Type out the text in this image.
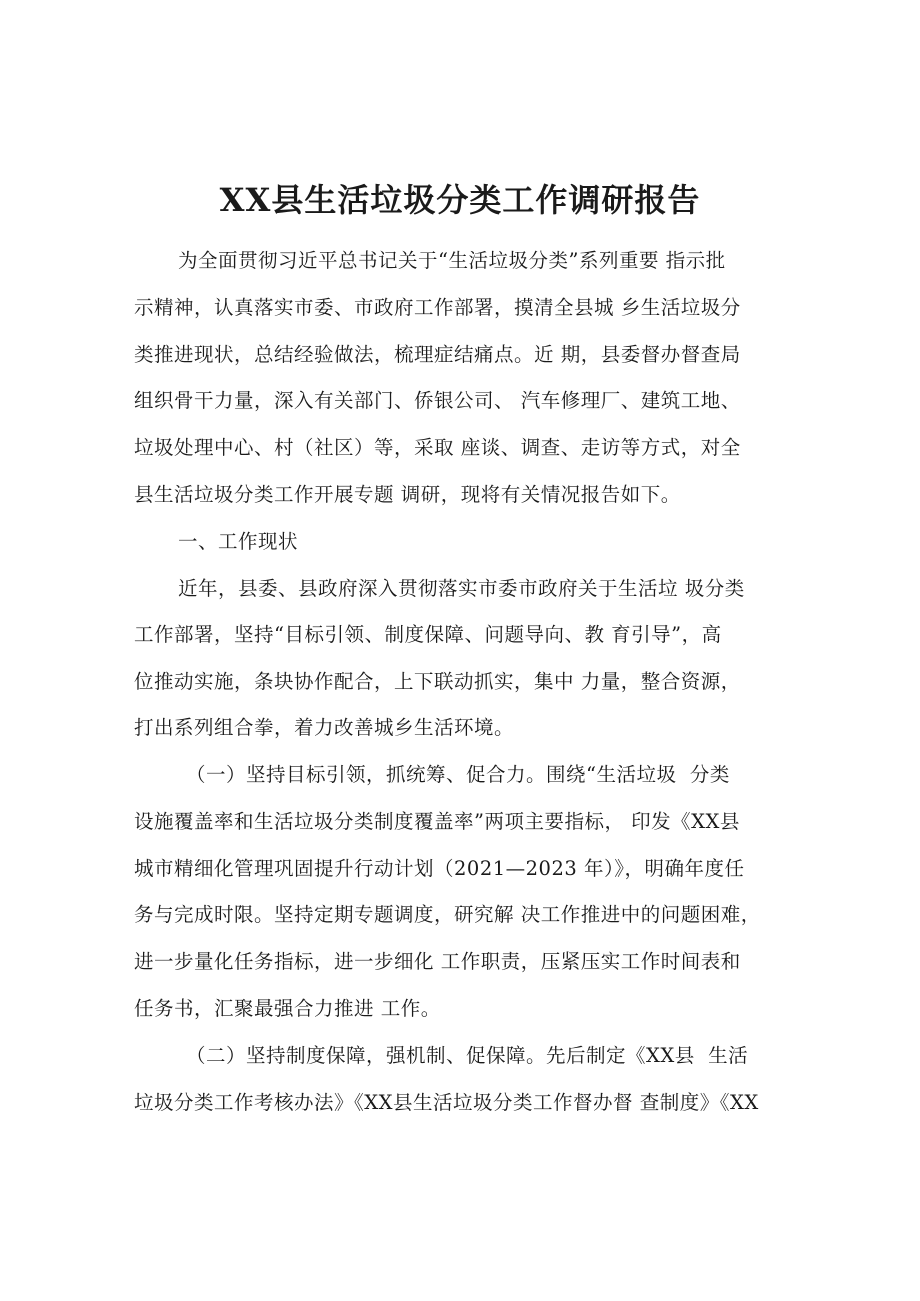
XX县生活垃圾分类工作调研报告
为全面贯彻习近平总书记关于“生活垃圾分类”系列重要 指示批
示精神，认真落实市委、市政府工作部署，摸清全县城 乡生活垃圾分
类推进现状，总结经验做法，梳理症结痛点。近 期，县委督办督查局
组织骨干力量，深入有关部门、侨银公司、 汽车修理厂、建筑工地、
垃圾处理中心、村（社区）等，采取 座谈、调查、走访等方式，对全
县生活垃圾分类工作开展专题 调研，现将有关情况报告如下。
一、工作现状
近年，县委、县政府深入贯彻落实市委市政府关于生活垃 圾分类
工作部署，坚持“目标引领、制度保障、问题导向、教 育引导”，高
位推动实施，条块协作配合，上下联动抓实，集中 力量，整合资源，
打出系列组合拳，着力改善城乡生活环境。
（一）坚持目标引领，抓统筹、促合力。围绕“生活垃圾  分类
设施覆盖率和生活垃圾分类制度覆盖率”两项主要指标， 印发《XX县
城市精细化管理巩固提升行动计划（2021—2023 年）》，明确年度任
务与完成时限。坚持定期专题调度，研究解 决工作推进中的问题困难，
进一步量化任务指标，进一步细化 工作职责，压紧压实工作时间表和
任务书，汇聚最强合力推进 工作。
（二）坚持制度保障，强机制、促保障。先后制定《XX县  生活
垃圾分类工作考核办法》《XX县生活垃圾分类工作督办督 查制度》《XX
